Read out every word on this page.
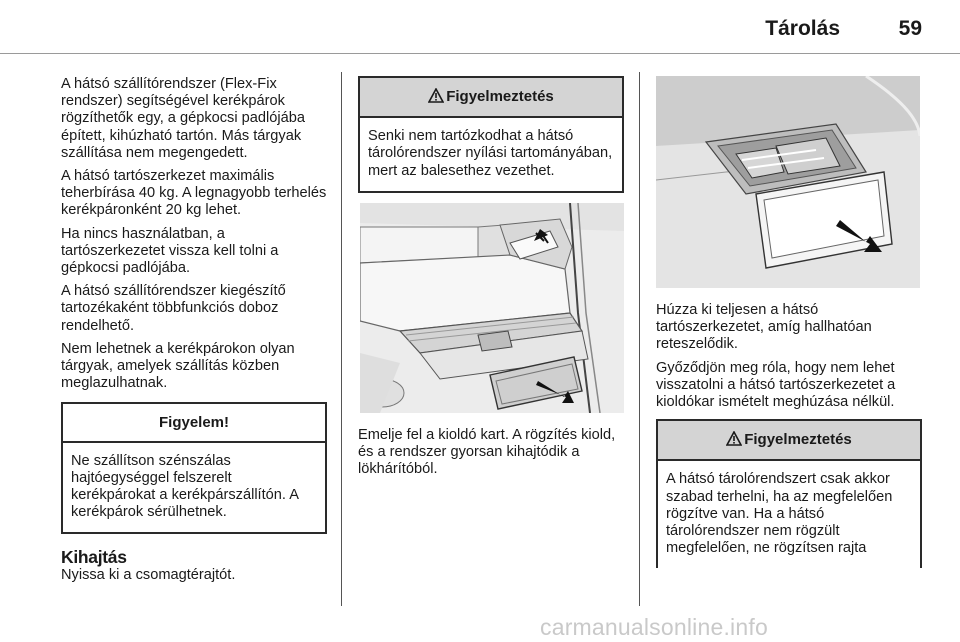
Tárolás	59

A hátsó szállítórendszer (Flex-Fix rendszer) segítségével kerékpárok rögzíthetők egy, a gépkocsi padlójába épített, kihúzható tartón. Más tárgyak szállítása nem megengedett.

A hátsó tartószerkezet maximális teherbírása 40 kg. A legnagyobb terhelés kerékpáronként 20 kg lehet.

Ha nincs használatban, a tartószerkezetet vissza kell tolni a gépkocsi padlójába.

A hátsó szállítórendszer kiegészítő tartozékaként többfunkciós doboz rendelhető.

Nem lehetnek a kerékpárokon olyan tárgyak, amelyek szállítás közben meglazulhatnak.

Figyelem!
Ne szállítson szénszálas hajtóegységgel felszerelt kerékpárokat a kerékpárszállítón. A kerékpárok sérülhetnek.
Kihajtás

Nyissa ki a csomagtérajtót.

Figyelmeztetés
Senki nem tartózkodhat a hátsó tárolórendszer nyílási tartományában, mert az balesethez vezethet.

Emelje fel a kioldó kart. A rögzítés kiold, és a rendszer gyorsan kihajtódik a lökhárítóból.

Húzza ki teljesen a hátsó tartószerkezetet, amíg hallhatóan reteszelődik.

Győződjön meg róla, hogy nem lehet visszatolni a hátsó tartószerkezetet a kioldókar ismételt meghúzása nélkül.

Figyelmeztetés
A hátsó tárolórendszert csak akkor szabad terhelni, ha az megfelelően rögzítve van. Ha a hátsó tárolórendszer nem rögzült megfelelően, ne rögzítsen rajta
carmanualsonline.info
